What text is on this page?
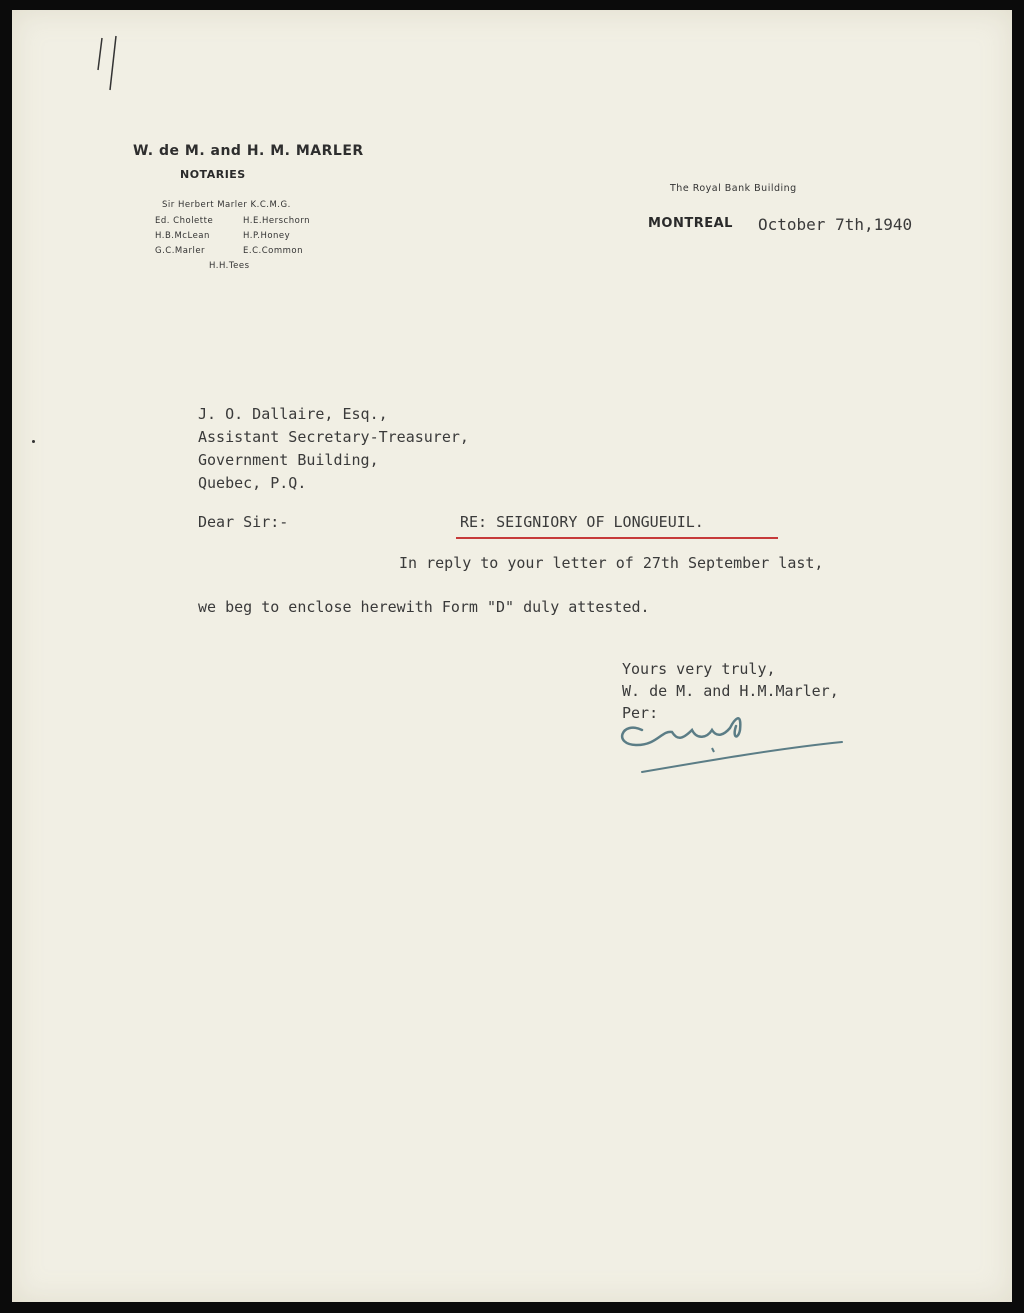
W. de M. and H. M. MARLER
NOTARIES
Sir Herbert Marler K.C.M.G.
Ed. Cholette	H.E.Herschorn
H.B.McLean	H.P.Honey
G.C.Marler	E.C.Common
H.H.Tees
The Royal Bank Building
MONTREAL October 7th,1940
J. O. Dallaire, Esq.,
Assistant Secretary-Treasurer,
Government Building,
Quebec, P.Q.
Dear Sir:-	RE: SEIGNIORY OF LONGUEUIL.
In reply to your letter of 27th September last,
we beg to enclose herewith Form "D" duly attested.
Yours very truly,
W. de M. and H.M.Marler,
Per:
